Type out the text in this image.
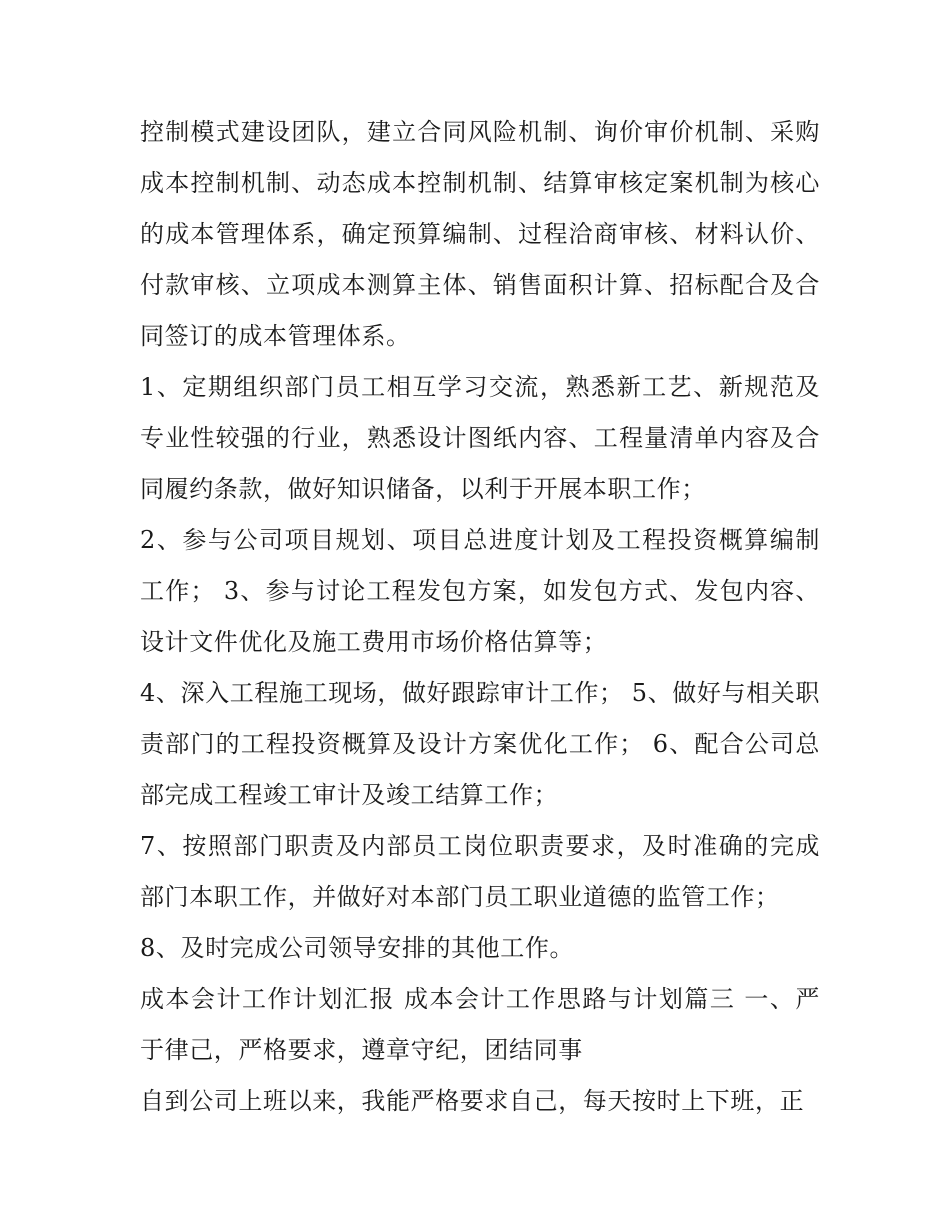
控制模式建设团队，建立合同风险机制、询价审价机制、采购成本控制机制、动态成本控制机制、结算审核定案机制为核心的成本管理体系，确定预算编制、过程洽商审核、材料认价、付款审核、立项成本测算主体、销售面积计算、招标配合及合同签订的成本管理体系。

1、定期组织部门员工相互学习交流，熟悉新工艺、新规范及专业性较强的行业，熟悉设计图纸内容、工程量清单内容及合同履约条款，做好知识储备，以利于开展本职工作；

2、参与公司项目规划、项目总进度计划及工程投资概算编制工作； 3、参与讨论工程发包方案，如发包方式、发包内容、设计文件优化及施工费用市场价格估算等；

4、深入工程施工现场，做好跟踪审计工作； 5、做好与相关职责部门的工程投资概算及设计方案优化工作； 6、配合公司总部完成工程竣工审计及竣工结算工作；

7、按照部门职责及内部员工岗位职责要求，及时准确的完成部门本职工作，并做好对本部门员工职业道德的监管工作；

8、及时完成公司领导安排的其他工作。

成本会计工作计划汇报 成本会计工作思路与计划篇三 一、严于律己，严格要求，遵章守纪，团结同事

自到公司上班以来，我能严格要求自己，每天按时上下班，正
